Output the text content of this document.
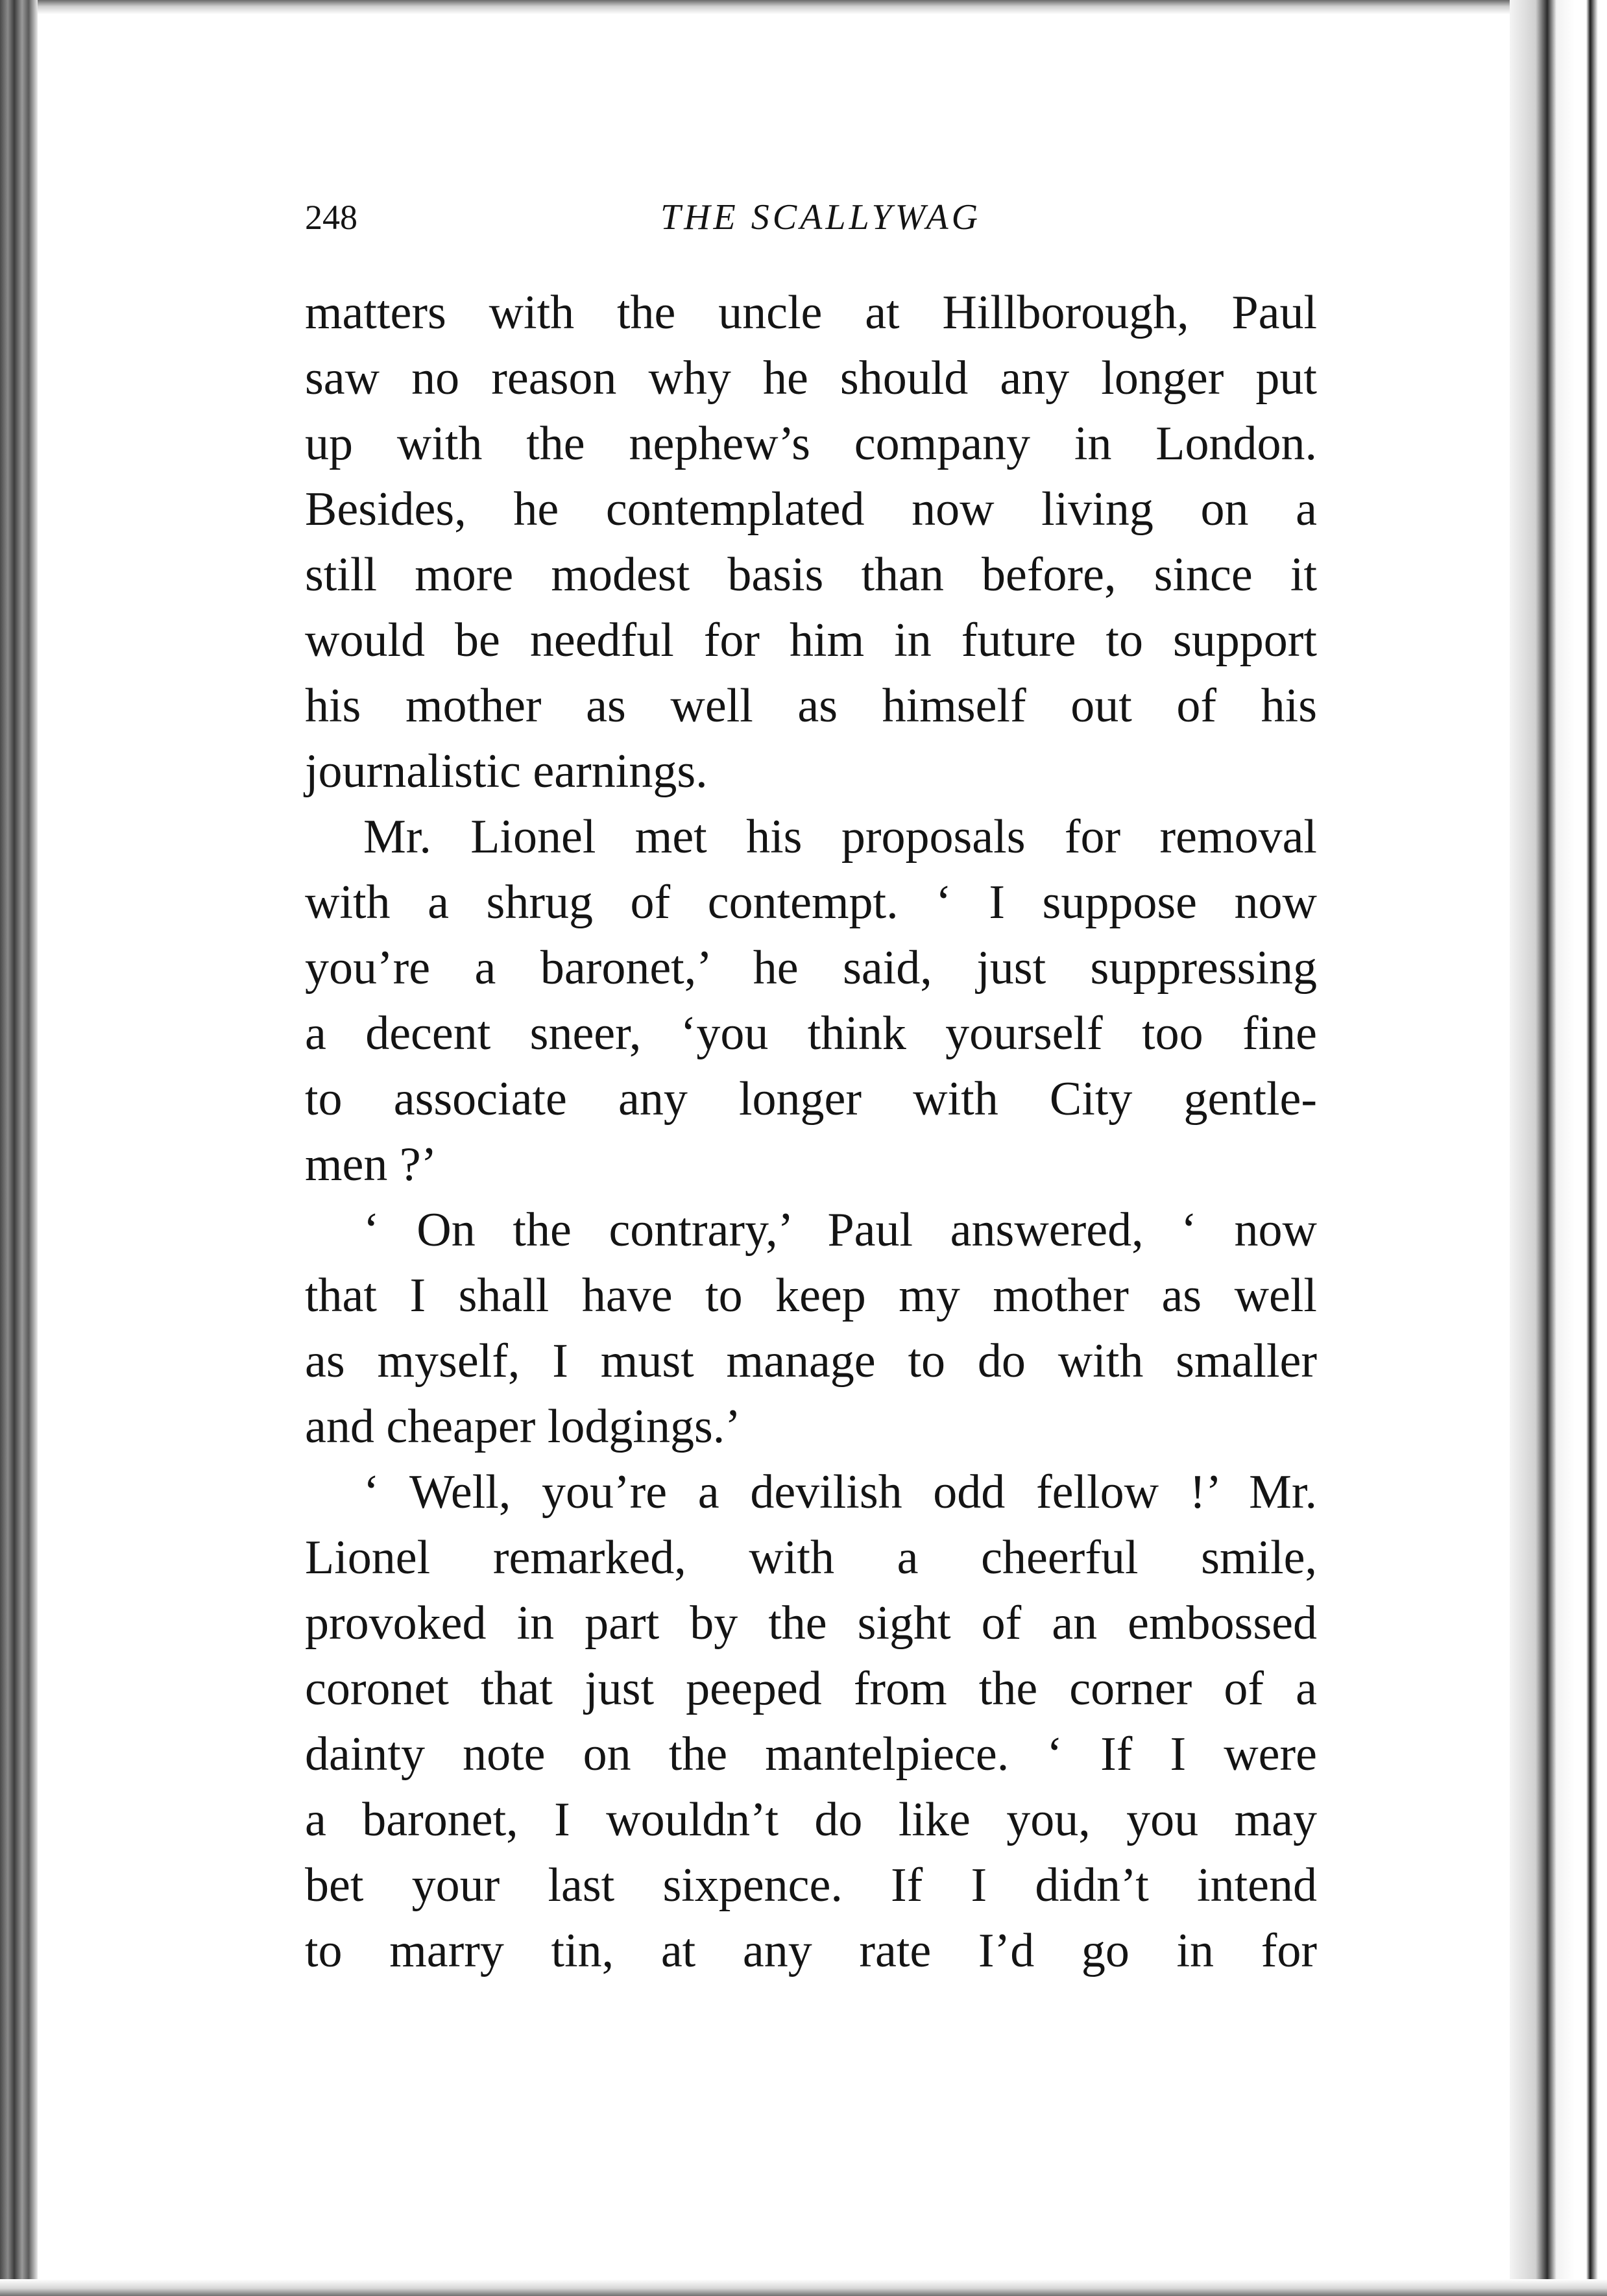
248	THE SCALLYWAG
matters with the uncle at Hillborough, Paul
saw no reason why he should any longer put
up with the nephew’s company in London.
Besides, he contemplated now living on a
still more modest basis than before, since it
would be needful for him in future to support
his mother as well as himself out of his
journalistic earnings.
Mr. Lionel met his proposals for removal
with a shrug of contempt. ‘ I suppose now
you’re a baronet,’ he said, just suppressing
a decent sneer, ‘you think yourself too fine
to associate any longer with City gentle-
men ?’
‘ On the contrary,’ Paul answered, ‘ now
that I shall have to keep my mother as well
as myself, I must manage to do with smaller
and cheaper lodgings.’
‘ Well, you’re a devilish odd fellow !’ Mr.
Lionel remarked, with a cheerful smile,
provoked in part by the sight of an embossed
coronet that just peeped from the corner of a
dainty note on the mantelpiece. ‘ If I were
a baronet, I wouldn’t do like you, you may
bet your last sixpence. If I didn’t intend
to marry tin, at any rate I’d go in for
